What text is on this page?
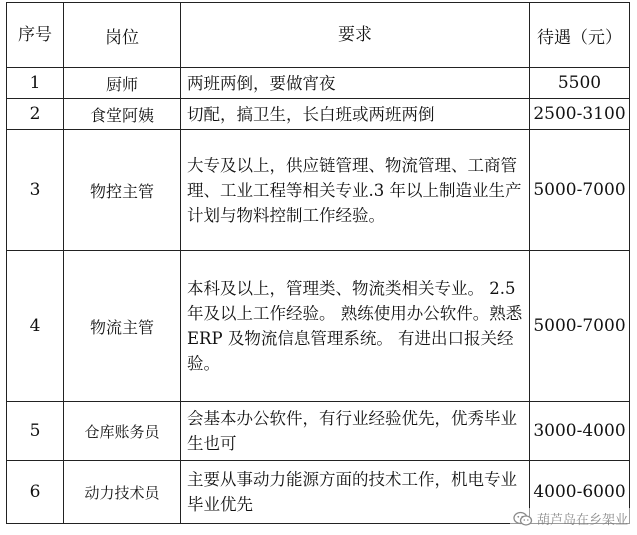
序号	岗位	要求	待遇（元）
1	厨师	两班两倒，要做宵夜	5500
2	食堂阿姨	切配，搞卫生，长白班或两班两倒	2500-3100
3	物控主管	大专及以上，供应链管理、物流管理、工商管理、工业工程等相关专业.3 年以上制造业生产计划与物料控制工作经验。	5000-7000
4	物流主管	本科及以上，管理类、物流类相关专业。 2.5 年及以上工作经验。 熟练使用办公软件。熟悉 ERP 及物流信息管理系统。 有进出口报关经验。	5000-7000
5	仓库账务员	会基本办公软件，有行业经验优先，优秀毕业生也可	3000-4000
6	动力技术员	主要从事动力能源方面的技术工作，机电专业毕业优先	4000-6000
葫芦岛在乡架业
